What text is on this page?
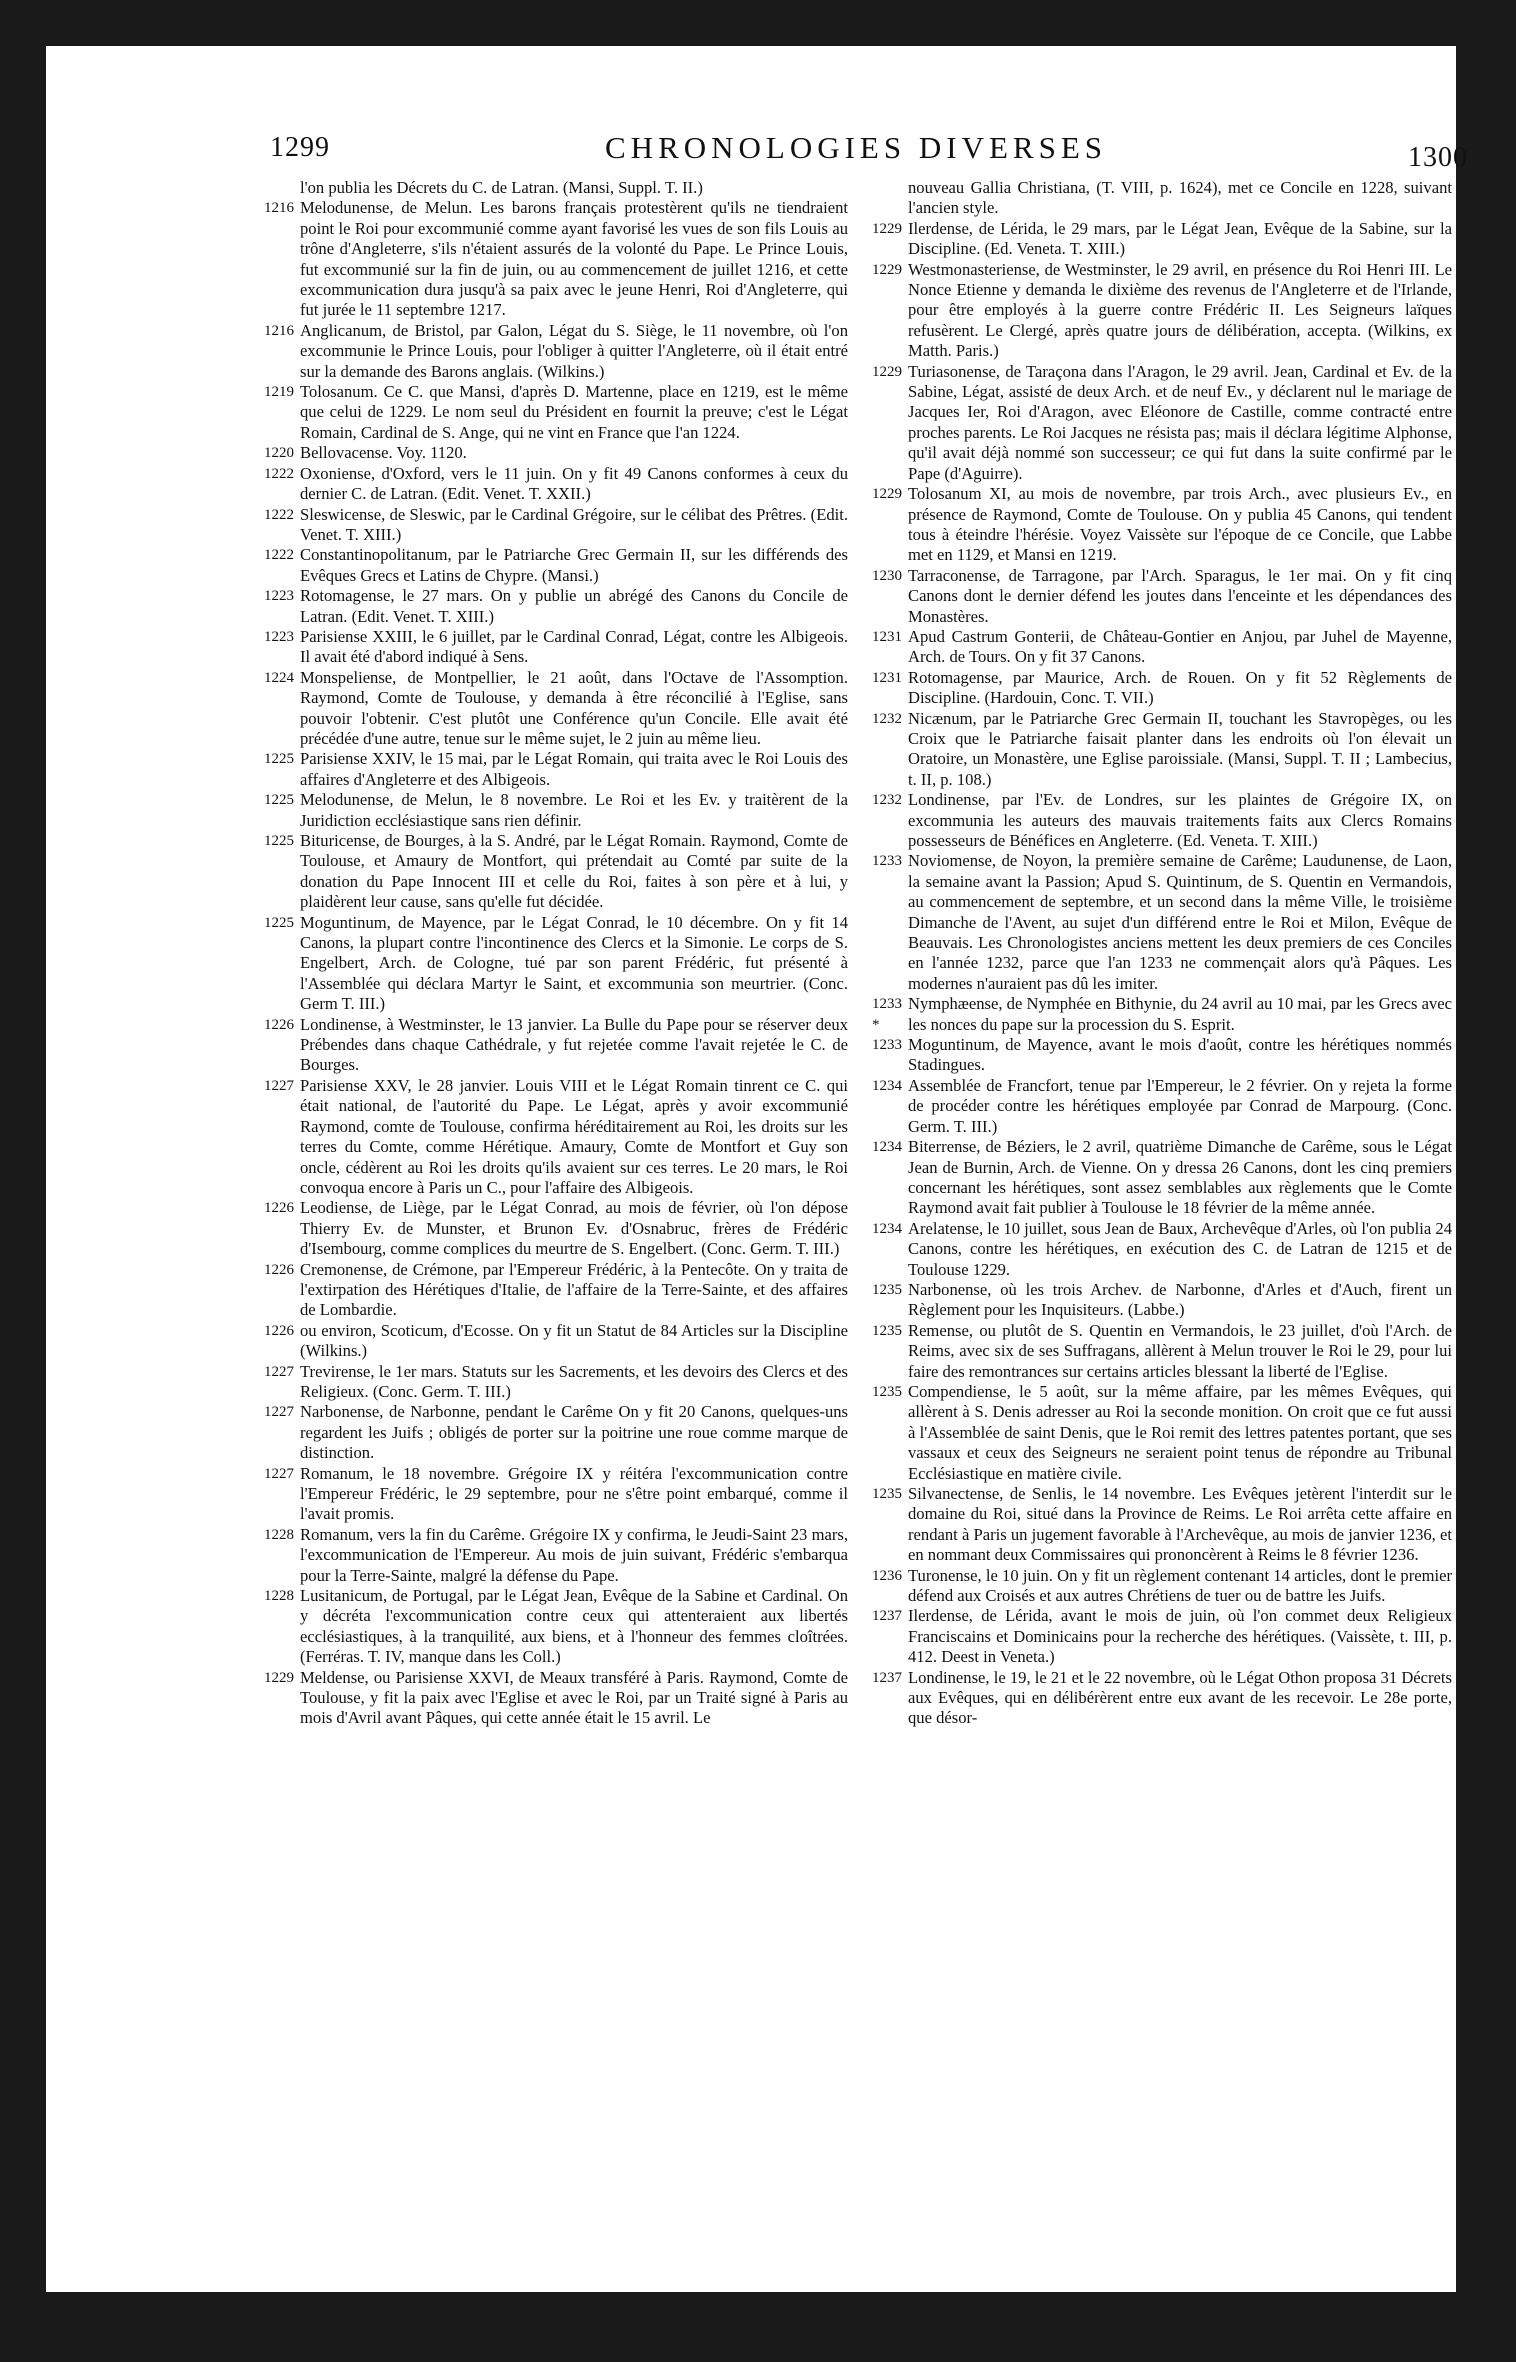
1299	CHRONOLOGIES DIVERSES	1300
l'on publia les Décrets du C. de Latran. (Mansi, Suppl. T. II.)
1216 Melodunense, de Melun. Les barons français protestèrent qu'ils ne tiendraient point le Roi pour excommunié comme ayant favorisé les vues de son fils Louis au trône d'Angleterre, s'ils n'étaient assurés de la volonté du Pape. Le Prince Louis, fut excommunié sur la fin de juin, ou au commencement de juillet 1216, et cette excommunication dura jusqu'à sa paix avec le jeune Henri, Roi d'Angleterre, qui fut jurée le 11 septembre 1217.
1216 Anglicanum, de Bristol, par Galon, Légat du S. Siège, le 11 novembre, où l'on excommunie le Prince Louis, pour l'obliger à quitter l'Angleterre, où il était entré sur la demande des Barons anglais. (Wilkins.)
1219 Tolosanum. Ce C. que Mansi, d'après D. Martenne, place en 1219, est le même que celui de 1229. Le nom seul du Président en fournit la preuve; c'est le Légat Romain, Cardinal de S. Ange, qui ne vint en France que l'an 1224.
1220 Bellovacense. Voy. 1120.
1222 Oxoniense, d'Oxford, vers le 11 juin. On y fit 49 Canons conformes à ceux du dernier C. de Latran. (Edit. Venet. T. XXII.)
1222 Sleswicense, de Sleswic, par le Cardinal Grégoire, sur le célibat des Prêtres. (Edit. Venet. T. XIII.)
1222 Constantinopolitanum, par le Patriarche Grec Germain II, sur les différends des Evêques Grecs et Latins de Chypre. (Mansi.)
1223 Rotomagense, le 27 mars. On y publie un abrégé des Canons du Concile de Latran. (Edit. Venet. T. XIII.)
1223 Parisiense XXIII, le 6 juillet, par le Cardinal Conrad, Légat, contre les Albigeois. Il avait été d'abord indiqué à Sens.
1224 Monspeliense, de Montpellier, le 21 août, dans l'Octave de l'Assomption. Raymond, Comte de Toulouse, y demanda à être réconcilié à l'Eglise, sans pouvoir l'obtenir. C'est plutôt une Conférence qu'un Concile. Elle avait été précédée d'une autre, tenue sur le même sujet, le 2 juin au même lieu.
1225 Parisiense XXIV, le 15 mai, par le Légat Romain, qui traita avec le Roi Louis des affaires d'Angleterre et des Albigeois.
1225 Melodunense, de Melun, le 8 novembre. Le Roi et les Ev. y traitèrent de la Juridiction ecclésiastique sans rien définir.
1225 Bituricense, de Bourges, à la S. André, par le Légat Romain. Raymond, Comte de Toulouse, et Amaury de Montfort, qui prétendait au Comté par suite de la donation du Pape Innocent III et celle du Roi, faites à son père et à lui, y plaidèrent leur cause, sans qu'elle fut décidée.
1225 Moguntinum, de Mayence, par le Légat Conrad, le 10 décembre. On y fit 14 Canons, la plupart contre l'incontinence des Clercs et la Simonie. Le corps de S. Engelbert, Arch. de Cologne, tué par son parent Frédéric, fut présenté à l'Assemblée qui déclara Martyr le Saint, et excommunia son meurtrier. (Conc. Germ T. III.)
1226 Londinense, à Westminster, le 13 janvier. La Bulle du Pape pour se réserver deux Prébendes dans chaque Cathédrale, y fut rejetée comme l'avait rejetée le C. de Bourges.
1227 Parisiense XXV, le 28 janvier. Louis VIII et le Légat Romain tinrent ce C. qui était national, de l'autorité du Pape. Le Légat, après y avoir excommunié Raymond, comte de Toulouse, confirma héréditairement au Roi, les droits sur les terres du Comte, comme Hérétique. Amaury, Comte de Montfort et Guy son oncle, cédèrent au Roi les droits qu'ils avaient sur ces terres. Le 20 mars, le Roi convoqua encore à Paris un C., pour l'affaire des Albigeois.
1226 Leodiense, de Liège, par le Légat Conrad, au mois de février, où l'on dépose Thierry Ev. de Munster, et Brunon Ev. d'Osnabruc, frères de Frédéric d'Isembourg, comme complices du meurtre de S. Engelbert. (Conc. Germ. T. III.)
1226 Cremonense, de Crémone, par l'Empereur Frédéric, à la Pentecôte. On y traita de l'extirpation des Hérétiques d'Italie, de l'affaire de la Terre-Sainte, et des affaires de Lombardie.
1226 ou environ, Scoticum, d'Ecosse. On y fit un Statut de 84 Articles sur la Discipline (Wilkins.)
1227 Trevirense, le 1er mars. Statuts sur les Sacrements, et les devoirs des Clercs et des Religieux. (Conc. Germ. T. III.)
1227 Narbonense, de Narbonne, pendant le Carême On y fit 20 Canons, quelques-uns regardent les Juifs ; obligés de porter sur la poitrine une roue comme marque de distinction.
1227 Romanum, le 18 novembre. Grégoire IX y réitéra l'excommunication contre l'Empereur Frédéric, le 29 septembre, pour ne s'être point embarqué, comme il l'avait promis.
1228 Romanum, vers la fin du Carême. Grégoire IX y confirma, le Jeudi-Saint 23 mars, l'excommunication de l'Empereur. Au mois de juin suivant, Frédéric s'embarqua pour la Terre-Sainte, malgré la défense du Pape.
1228 Lusitanicum, de Portugal, par le Légat Jean, Evêque de la Sabine et Cardinal. On y décréta l'excommunication contre ceux qui attenteraient aux libertés ecclésiastiques, à la tranquilité, aux biens, et à l'honneur des femmes cloîtrées. (Ferréras. T. IV, manque dans les Coll.)
1229 Meldense, ou Parisiense XXVI, de Meaux transféré à Paris. Raymond, Comte de Toulouse, y fit la paix avec l'Eglise et avec le Roi, par un Traité signé à Paris au mois d'Avril avant Pâques, qui cette année était le 15 avril. Le
nouveau Gallia Christiana, (T. VIII, p. 1624), met ce Concile en 1228, suivant l'ancien style.
1229 Ilerdense, de Lérida, le 29 mars, par le Légat Jean, Evêque de la Sabine, sur la Discipline. (Ed. Veneta. T. XIII.)
1229 Westmonasteriense, de Westminster, le 29 avril, en présence du Roi Henri III. Le Nonce Etienne y demanda le dixième des revenus de l'Angleterre et de l'Irlande, pour être employés à la guerre contre Frédéric II. Les Seigneurs laïques refusèrent. Le Clergé, après quatre jours de délibération, accepta. (Wilkins, ex Matth. Paris.)
1229 Turiasonense, de Taraçona dans l'Aragon, le 29 avril. Jean, Cardinal et Ev. de la Sabine, Légat, assisté de deux Arch. et de neuf Ev., y déclarent nul le mariage de Jacques Ier, Roi d'Aragon, avec Eléonore de Castille, comme contracté entre proches parents. Le Roi Jacques ne résista pas; mais il déclara légitime Alphonse, qu'il avait déjà nommé son successeur; ce qui fut dans la suite confirmé par le Pape (d'Aguirre).
1229 Tolosanum XI, au mois de novembre, par trois Arch., avec plusieurs Ev., en présence de Raymond, Comte de Toulouse. On y publia 45 Canons, qui tendent tous à éteindre l'hérésie. Voyez Vaissète sur l'époque de ce Concile, que Labbe met en 1129, et Mansi en 1219.
1230 Tarraconense, de Tarragone, par l'Arch. Sparagus, le 1er mai. On y fit cinq Canons dont le dernier défend les joutes dans l'enceinte et les dépendances des Monastères.
1231 Apud Castrum Gonterii, de Château-Gontier en Anjou, par Juhel de Mayenne, Arch. de Tours. On y fit 37 Canons.
1231 Rotomagense, par Maurice, Arch. de Rouen. On y fit 52 Règlements de Discipline. (Hardouin, Conc. T. VII.)
1232 Nicænum, par le Patriarche Grec Germain II, touchant les Stavropèges, ou les Croix que le Patriarche faisait planter dans les endroits où l'on élevait un Oratoire, un Monastère, une Eglise paroissiale. (Mansi, Suppl. T. II ; Lambecius, t. II, p. 108.)
1232 Londinense, par l'Ev. de Londres, sur les plaintes de Grégoire IX, on excommunia les auteurs des mauvais traitements faits aux Clercs Romains possesseurs de Bénéfices en Angleterre. (Ed. Veneta. T. XIII.)
1233 Noviomense, de Noyon, la première semaine de Carême; Laudunense, de Laon, la semaine avant la Passion; Apud S. Quintinum, de S. Quentin en Vermandois, au commencement de septembre, et un second dans la même Ville, le troisième Dimanche de l'Avent, au sujet d'un différend entre le Roi et Milon, Evêque de Beauvais. Les Chronologistes anciens mettent les deux premiers de ces Conciles en l'année 1232, parce que l'an 1233 ne commençait alors qu'à Pâques. Les modernes n'auraient pas dû les imiter.
1233 *
Nymphæense, de Nymphée en Bithynie, du 24 avril au 10 mai, par les Grecs avec les nonces du pape sur la procession du S. Esprit.
1233 Moguntinum, de Mayence, avant le mois d'août, contre les hérétiques nommés Stadingues.
1234 Assemblée de Francfort, tenue par l'Empereur, le 2 février. On y rejeta la forme de procéder contre les hérétiques employée par Conrad de Marpourg. (Conc. Germ. T. III.)
1234 Biterrense, de Béziers, le 2 avril, quatrième Dimanche de Carême, sous le Légat Jean de Burnin, Arch. de Vienne. On y dressa 26 Canons, dont les cinq premiers concernant les hérétiques, sont assez semblables aux règlements que le Comte Raymond avait fait publier à Toulouse le 18 février de la même année.
1234 Arelatense, le 10 juillet, sous Jean de Baux, Archevêque d'Arles, où l'on publia 24 Canons, contre les hérétiques, en exécution des C. de Latran de 1215 et de Toulouse 1229.
1235 Narbonense, où les trois Archev. de Narbonne, d'Arles et d'Auch, firent un Règlement pour les Inquisiteurs. (Labbe.)
1235 Remense, ou plutôt de S. Quentin en Vermandois, le 23 juillet, d'où l'Arch. de Reims, avec six de ses Suffragans, allèrent à Melun trouver le Roi le 29, pour lui faire des remontrances sur certains articles blessant la liberté de l'Eglise.
1235 Compendiense, le 5 août, sur la même affaire, par les mêmes Evêques, qui allèrent à S. Denis adresser au Roi la seconde monition. On croit que ce fut aussi à l'Assemblée de saint Denis, que le Roi remit des lettres patentes portant, que ses vassaux et ceux des Seigneurs ne seraient point tenus de répondre au Tribunal Ecclésiastique en matière civile.
1235 Silvanectense, de Senlis, le 14 novembre. Les Evêques jetèrent l'interdit sur le domaine du Roi, situé dans la Province de Reims. Le Roi arrêta cette affaire en rendant à Paris un jugement favorable à l'Archevêque, au mois de janvier 1236, et en nommant deux Commissaires qui prononcèrent à Reims le 8 février 1236.
1236 Turonense, le 10 juin. On y fit un règlement contenant 14 articles, dont le premier défend aux Croisés et aux autres Chrétiens de tuer ou de battre les Juifs.
1237 Ilerdense, de Lérida, avant le mois de juin, où l'on commet deux Religieux Franciscains et Dominicains pour la recherche des hérétiques. (Vaissète, t. III, p. 412. Deest in Veneta.)
1237 Londinense, le 19, le 21 et le 22 novembre, où le Légat Othon proposa 31 Décrets aux Evêques, qui en délibérèrent entre eux avant de les recevoir. Le 28e porte, que désor-
